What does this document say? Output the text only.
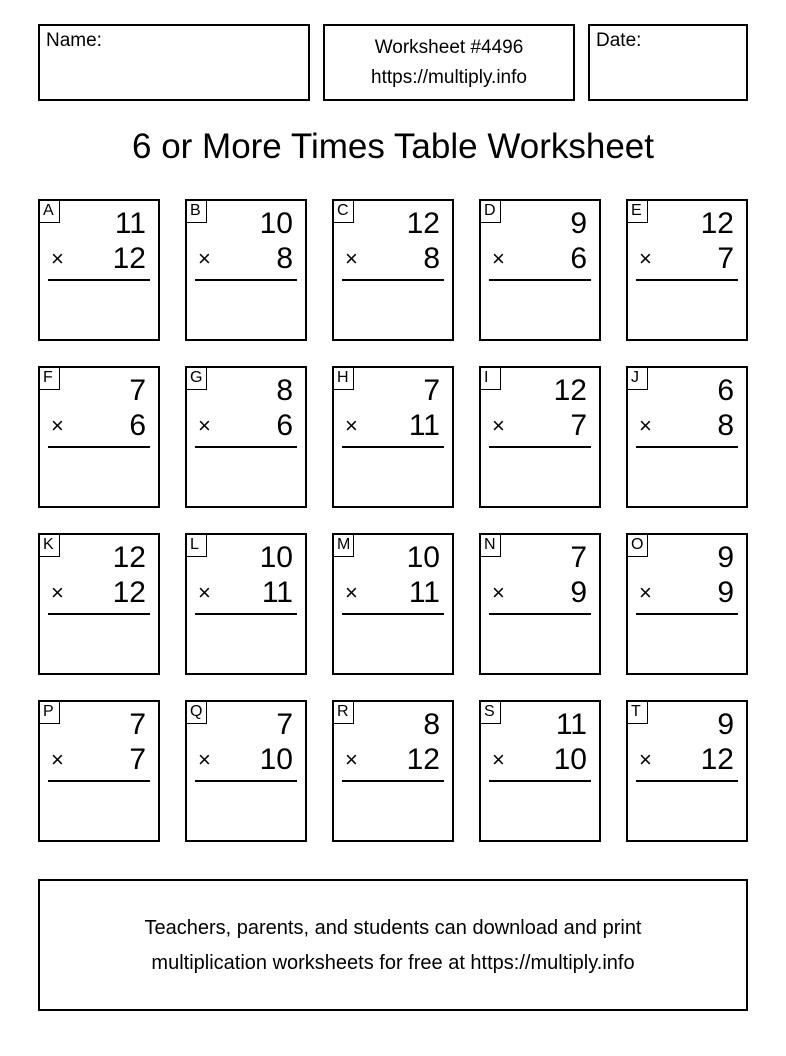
Name:	Worksheet #4496
https://multiply.info
Date:
6 or More Times Table Worksheet
A 11
× 12
B 10
× 8
C 12
× 8
D 9
× 6
E 12
× 7
F	7
× 6
G 8
× 6
H 7
× 11
I	12
× 7
J	6
× 8
K 12
× 12
L 10
× 11
M 10
× 11
N 7
× 9
O 9
× 9
P	7
× 7
Q 7
× 10
R 8
× 12
S 11
× 10
T	9
× 12
Teachers, parents, and students can download and print
multiplication worksheets for free at https://multiply.info
